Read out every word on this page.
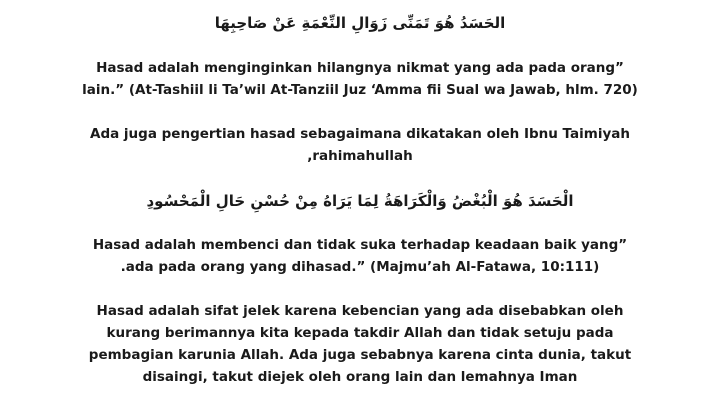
الحَسَدُ هُوَ تَمَنِّى زَوَالِ النِّعْمَةِ عَنْ صَاحِبِهَا
Hasad adalah menginginkan hilangnya nikmat yang ada pada orang”
lain.” (At-Tashiil li Ta’wil At-Tanziil Juz ‘Amma fii Sual wa Jawab, hlm. 720)
Ada juga pengertian hasad sebagaimana dikatakan oleh Ibnu Taimiyah
,rahimahullah
الْحَسَدَ هُوَ الْبُغْضُ وَالْكَرَاهَةُ لِمَا يَرَاهُ مِنْ حُسْنِ حَالِ الْمَحْسُودِ
Hasad adalah membenci dan tidak suka terhadap keadaan baik yang”
.ada pada orang yang dihasad.” (Majmu’ah Al-Fatawa, 10:111)
Hasad adalah sifat jelek karena kebencian yang ada disebabkan oleh
kurang berimannya kita kepada takdir Allah dan tidak setuju pada
pembagian karunia Allah. Ada juga sebabnya karena cinta dunia, takut
disaingi, takut diejek oleh orang lain dan lemahnya Iman
